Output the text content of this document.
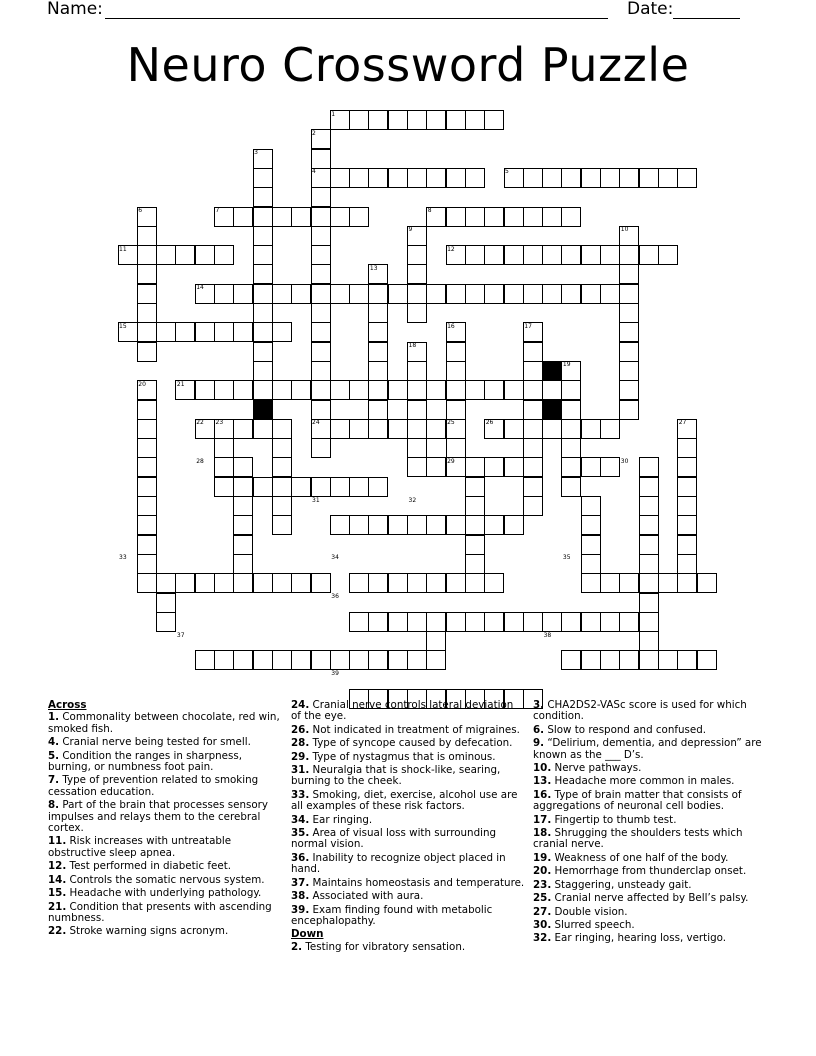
Name:	Date:
Neuro Crossword Puzzle
1
2
3
4	5
6	7	8
9	10
11	12
13
14
15	16	17
18
19
20	21
22 23	24	25	26	27
28	29	30
31	32
33	34	35
36
37	38
39
Across
1. Commonality between chocolate, red win, smoked fish.
4. Cranial nerve being tested for smell.
5. Condition the ranges in sharpness, burning, or numbness foot pain.
7. Type of prevention related to smoking cessation education.
8. Part of the brain that processes sensory impulses and relays them to the cerebral cortex.
11. Risk increases with untreatable obstructive sleep apnea.
12. Test performed in diabetic feet.
14. Controls the somatic nervous system.
15. Headache with underlying pathology.
21. Condition that presents with ascending numbness.
22. Stroke warning signs acronym.
24. Cranial nerve controls lateral deviation of the eye.
26. Not indicated in treatment of migraines.
28. Type of syncope caused by defecation.
29. Type of nystagmus that is ominous.
31. Neuralgia that is shock-like, searing, burning to the cheek.
33. Smoking, diet, exercise, alcohol use are all examples of these risk factors.
34. Ear ringing.
35. Area of visual loss with surrounding normal vision.
36. Inability to recognize object placed in hand.
37. Maintains homeostasis and temperature.
38. Associated with aura.
39. Exam finding found with metabolic encephalopathy.
Down
2. Testing for vibratory sensation.
3. CHA2DS2-VASc score is used for which condition.
6. Slow to respond and confused.
9. “Delirium, dementia, and depression” are known as the ___ D’s.
10. Nerve pathways.
13. Headache more common in males.
16. Type of brain matter that consists of aggregations of neuronal cell bodies.
17. Fingertip to thumb test.
18. Shrugging the shoulders tests which cranial nerve.
19. Weakness of one half of the body.
20. Hemorrhage from thunderclap onset.
23. Staggering, unsteady gait.
25. Cranial nerve affected by Bell’s palsy.
27. Double vision.
30. Slurred speech.
32. Ear ringing, hearing loss, vertigo.
